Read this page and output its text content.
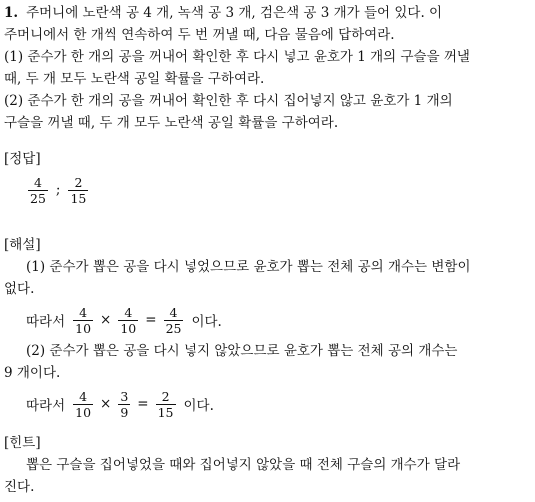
1. 주머니에 노란색 공 4 개, 녹색 공 3 개, 검은색 공 3 개가 들어 있다. 이
주머니에서 한 개씩 연속하여 두 번 꺼낼 때, 다음 물음에 답하여라.
(1) 준수가 한 개의 공을 꺼내어 확인한 후 다시 넣고 윤호가 1 개의 구슬을 꺼낼
때, 두 개 모두 노란색 공일 확률을 구하여라.
(2) 준수가 한 개의 공을 꺼내어 확인한 후 다시 집어넣지 않고 윤호가 1 개의
구슬을 꺼낼 때, 두 개 모두 노란색 공일 확률을 구하여라.
[정답]
$\frac{4}{25}$ ; $\frac{2}{15}$
[해설]
(1) 준수가 뽑은 공을 다시 넣었으므로 윤호가 뽑는 전체 공의 개수는 변함이
없다.
따라서 $\frac{4}{10} \times \frac{4}{10} = \frac{4}{25}$ 이다.
(2) 준수가 뽑은 공을 다시 넣지 않았으므로 윤호가 뽑는 전체 공의 개수는
9 개이다.
따라서 $\frac{4}{10} \times \frac{3}{9} = \frac{2}{15}$ 이다.
[힌트]
뽑은 구슬을 집어넣었을 때와 집어넣지 않았을 때 전체 구슬의 개수가 달라
진다.
